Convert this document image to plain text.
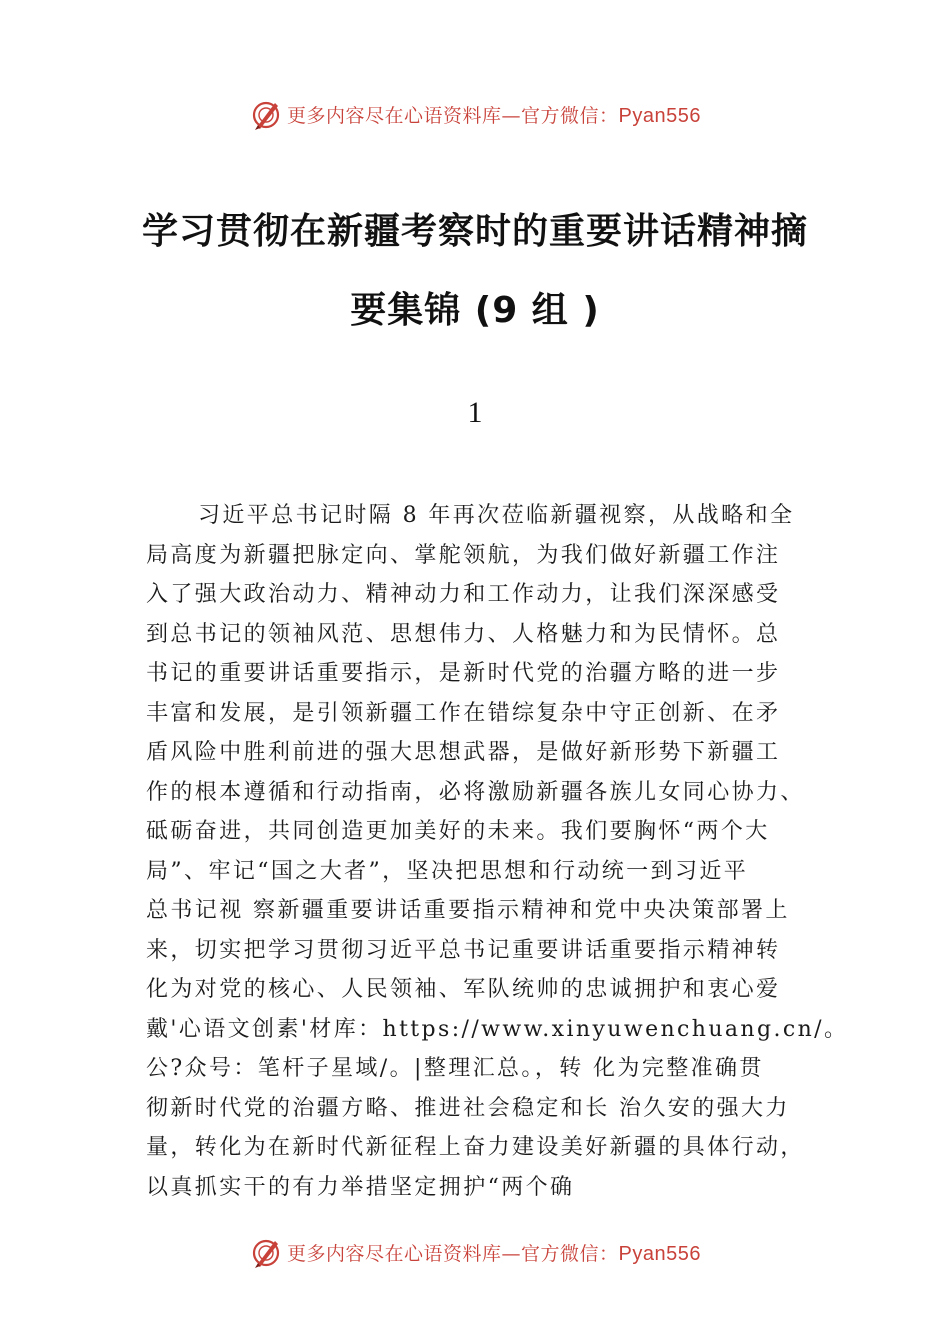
更多内容尽在心语资料库—官方微信：Pyan556
学习贯彻在新疆考察时的重要讲话精神摘
要集锦 (9 组 )
1
习近平总书记时隔 8 年再次莅临新疆视察，从战略和全
局高度为新疆把脉定向、掌舵领航，为我们做好新疆工作注
入了强大政治动力、精神动力和工作动力，让我们深深感受
到总书记的领袖风范、思想伟力、人格魅力和为民情怀。总
书记的重要讲话重要指示，是新时代党的治疆方略的进一步
丰富和发展，是引领新疆工作在错综复杂中守正创新、在矛
盾风险中胜利前进的强大思想武器，是做好新形势下新疆工
作的根本遵循和行动指南，必将激励新疆各族儿女同心协力、
砥砺奋进，共同创造更加美好的未来。我们要胸怀“两个大
局”、牢记“国之大者”，坚决把思想和行动统一到习近平
总书记视 察新疆重要讲话重要指示精神和党中央决策部署上
来，切实把学习贯彻习近平总书记重要讲话重要指示精神转
化为对党的核心、人民领袖、军队统帅的忠诚拥护和衷心爱
戴'心语文创素'材库：https://www.xinyuwenchuang.cn/。
公?众号：笔杆子星域/。|整理汇总。，转 化为完整准确贯
彻新时代党的治疆方略、推进社会稳定和长 治久安的强大力
量，转化为在新时代新征程上奋力建设美好新疆的具体行动，
以真抓实干的有力举措坚定拥护“两个确
更多内容尽在心语资料库—官方微信：Pyan556
